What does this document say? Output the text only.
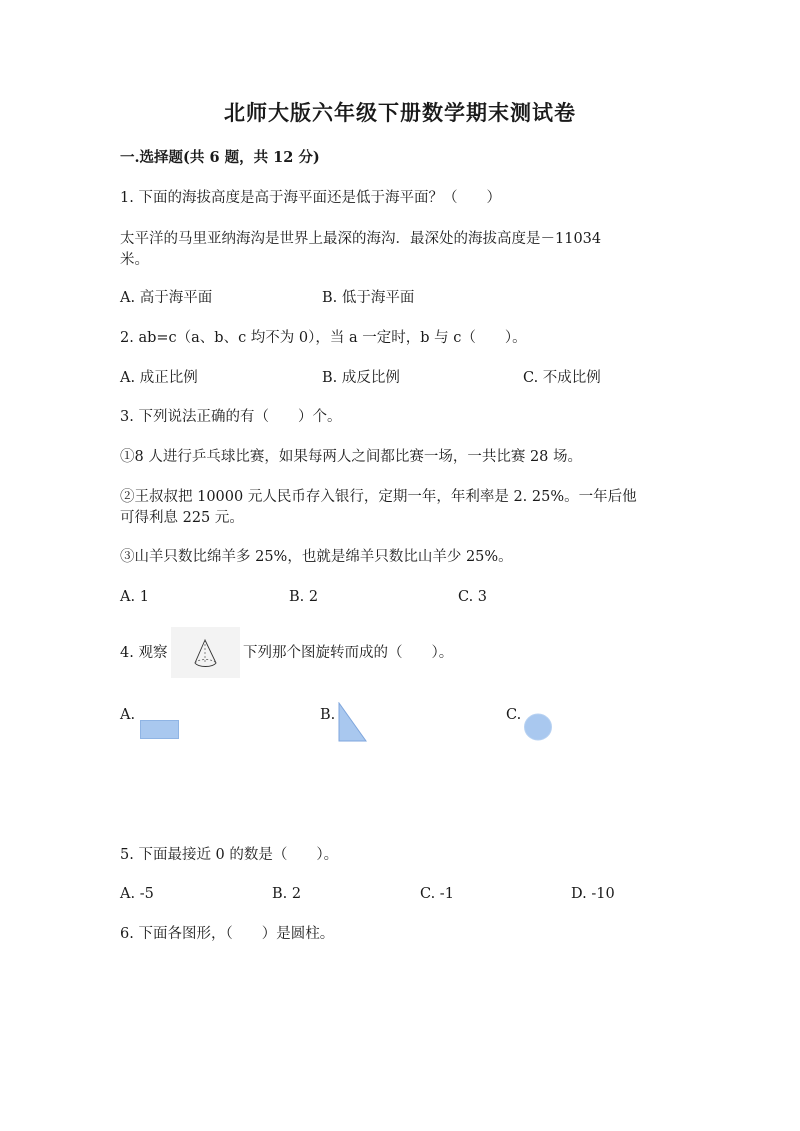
北师大版六年级下册数学期末测试卷
一.选择题(共 6 题，共 12 分)
1. 下面的海拔高度是高于海平面还是低于海平面？（　　）
太平洋的马里亚纳海沟是世界上最深的海沟．最深处的海拔高度是－11034
米。
A. 高于海平面	B. 低于海平面
2. ab=c（a、b、c 均不为 0），当 a 一定时，b 与 c（　　）。
A. 成正比例	B. 成反比例	C. 不成比例
3. 下列说法正确的有（　　）个。
①8 人进行乒乓球比赛，如果每两人之间都比赛一场，一共比赛 28 场。
②王叔叔把 10000 元人民币存入银行，定期一年，年利率是 2. 25%。一年后他
可得利息 225 元。
③山羊只数比绵羊多 25%，也就是绵羊只数比山羊少 25%。
A. 1	B. 2	C. 3
4. 观察	下列那个图旋转而成的（　　）。
A.	B.	C.
5. 下面最接近 0 的数是（　　）。
A. -5	B. 2	C. -1	D. -10
6. 下面各图形，（　　）是圆柱。
